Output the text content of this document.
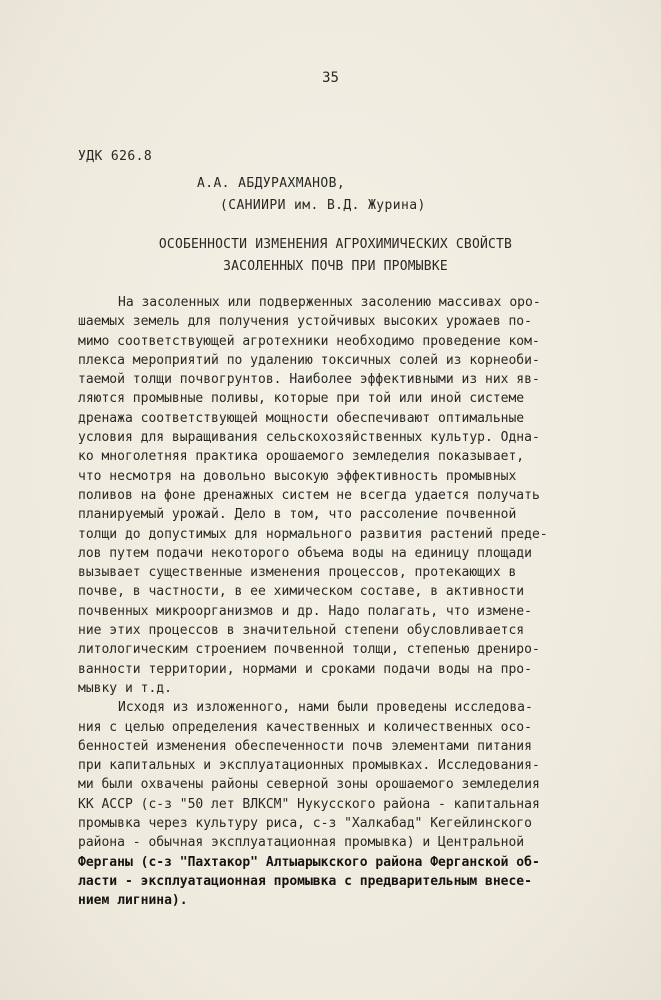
35
УДК 626.8
А.А. АБДУРАХМАНОВ,
(САНИИРИ им. В.Д. Журина)
ОСОБЕННОСТИ ИЗМЕНЕНИЯ АГРОХИМИЧЕСКИХ СВОЙСТВ
ЗАСОЛЕННЫХ ПОЧВ ПРИ ПРОМЫВКЕ
На засоленных или подверженных засолению массивах оро-
шаемых земель для получения устойчивых высоких урожаев по-
мимо соответствующей агротехники необходимо проведение ком-
плекса мероприятий по удалению токсичных солей из корнеоби-
таемой толщи почвогрунтов. Наиболее эффективными из них яв-
ляются промывные поливы, которые при той или иной системе
дренажа соответствующей мощности обеспечивают оптимальные
условия для выращивания сельскохозяйственных культур. Одна-
ко многолетняя практика орошаемого земледелия показывает,
что несмотря на довольно высокую эффективность промывных
поливов на фоне дренажных систем не всегда удается получать
планируемый урожай. Дело в том, что рассоление почвенной
толщи до допустимых для нормального развития растений преде-
лов путем подачи некоторого объема воды на единицу площади
вызывает существенные изменения процессов, протекающих в
почве, в частности, в ее химическом составе, в активности
почвенных микроорганизмов и др. Надо полагать, что измене-
ние этих процессов в значительной степени обусловливается
литологическим строением почвенной толщи, степенью дрениро-
ванности территории, нормами и сроками подачи воды на про-
мывку и т.д.
Исходя из изложенного, нами были проведены исследова-
ния с целью определения качественных и количественных осо-
бенностей изменения обеспеченности почв элементами питания
при капитальных и эксплуатационных промывках. Исследования-
ми были охвачены районы северной зоны орошаемого земледелия
КК АССР (с-з "50 лет ВЛКСМ" Нукусского района - капитальная
промывка через культуру риса, с-з "Халкабад" Кегейлинского
района - обычная эксплуатационная промывка) и Центральной
Ферганы (с-з "Пахтакор" Алтыарыкского района Ферганской об-
ласти - эксплуатационная промывка с предварительным внесе-
нием лигнина).
